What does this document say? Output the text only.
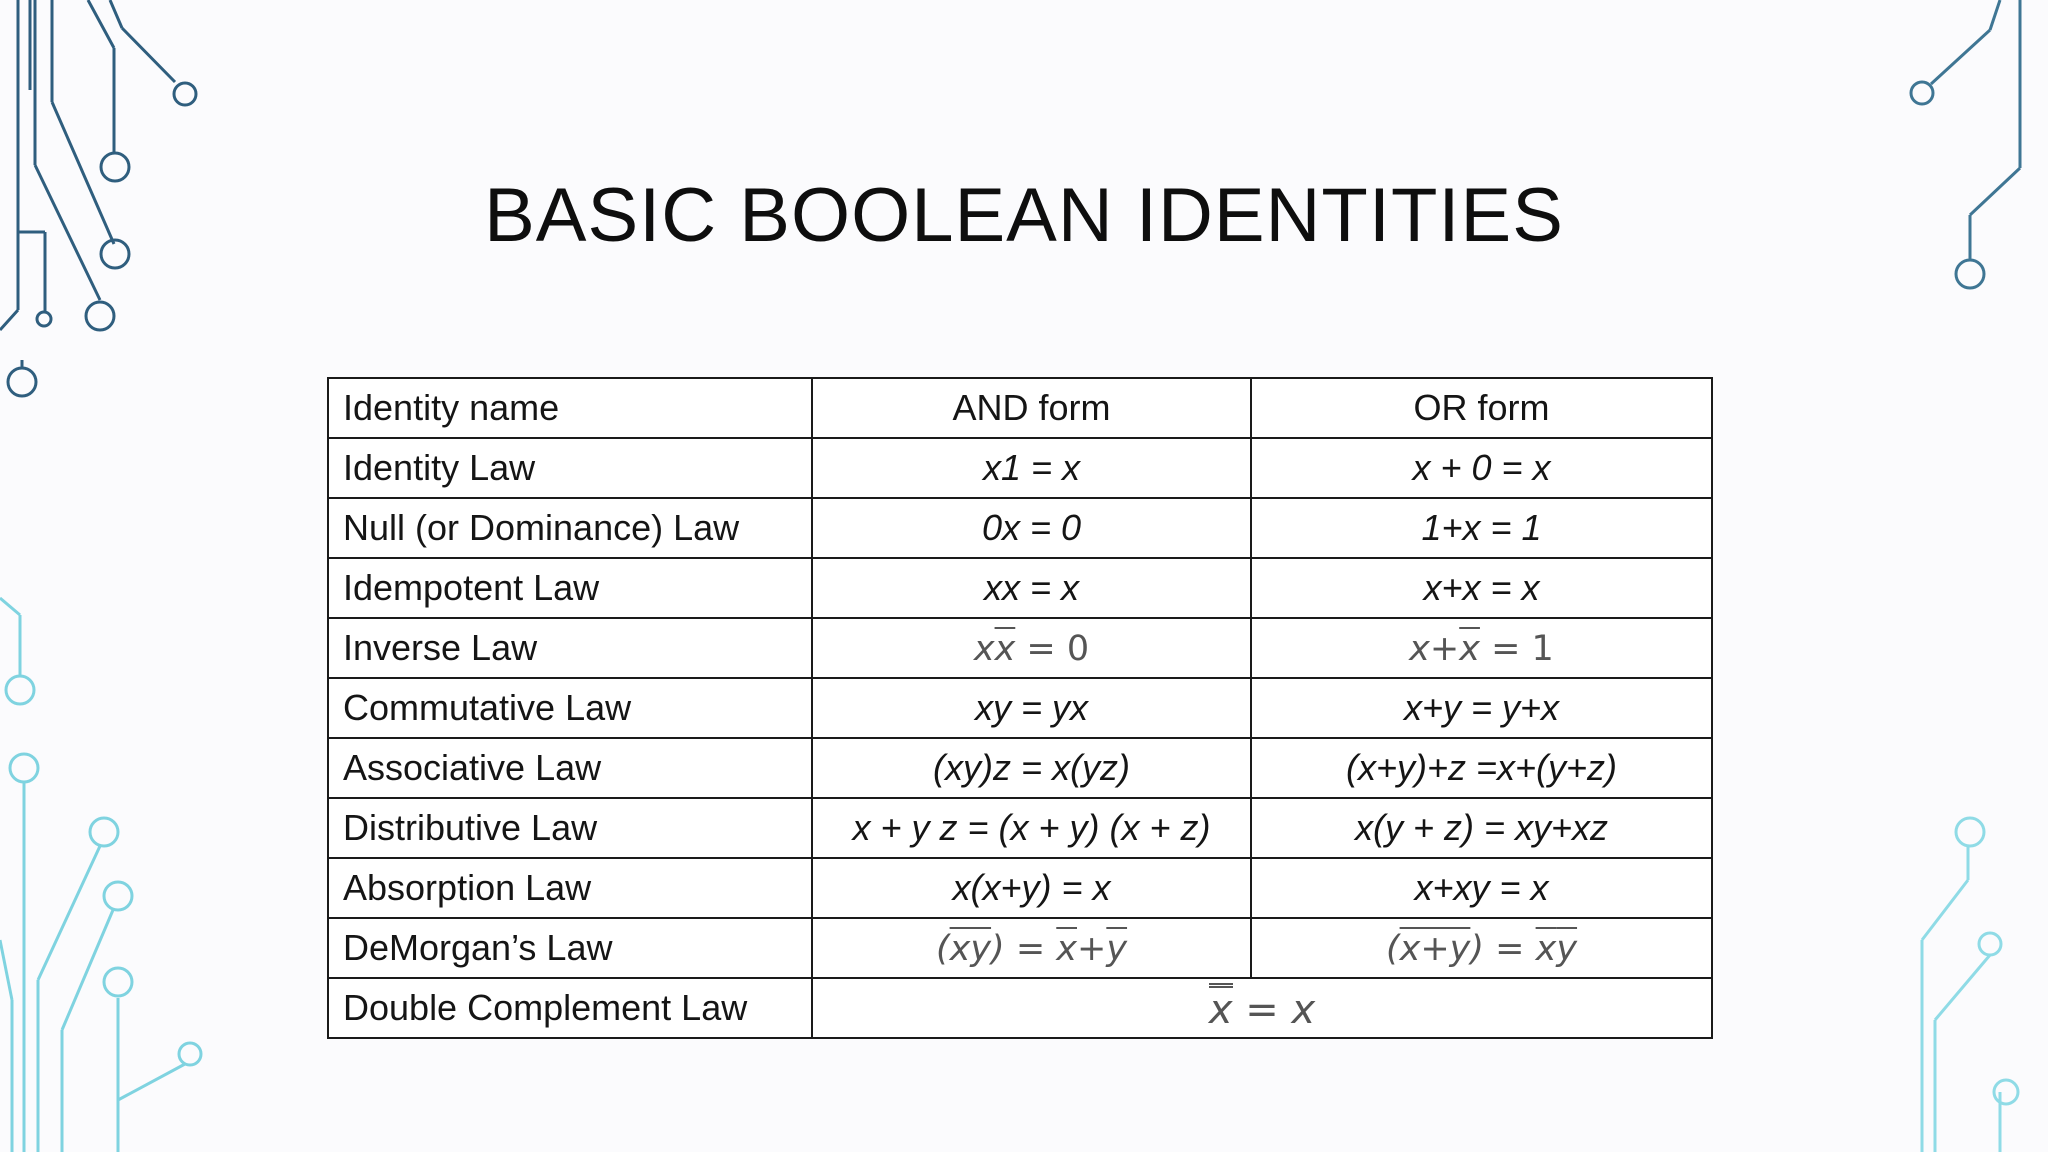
BASIC BOOLEAN IDENTITIES
Identity name	AND form	OR form
Identity Law	x1 = x	x + 0 = x
Null (or Dominance) Law	0x = 0	1+x = 1
Idempotent Law	xx = x	x+x = x
Inverse Law	$x\overline{x} = 0$	$x+\overline{x} = 1$
Commutative Law	xy = yx	x+y = y+x
Associative Law	(xy)z = x(yz)	(x+y)+z =x+(y+z)
Distributive Law	x + y z = (x + y) (x + z)	x(y + z) = xy+xz
Absorption Law	x(x+y) = x	x+xy = x
DeMorgan’s Law	$(\overline{xy}) = \overline{x}+\overline{y}$	$(x+y) = \overline{x}\overline{y}$
Double Complement Law	x = x	
